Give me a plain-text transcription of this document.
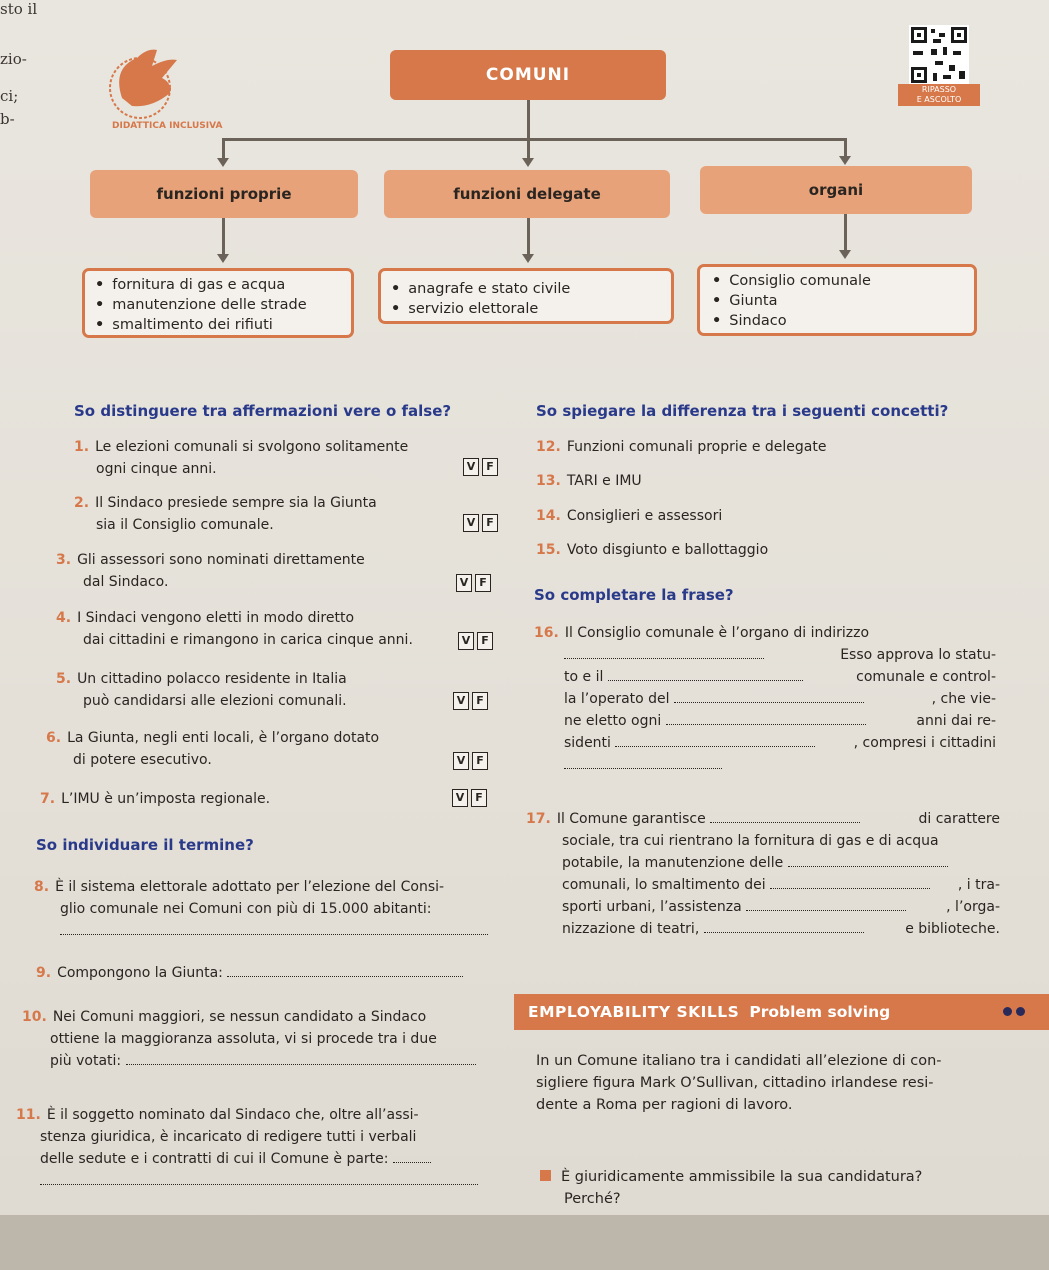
sto il
zio-
ci;
b-	DIDATTICA INCLUSIVA
RIPASSO
E ASCOLTO
COMUNI
funzioni proprie	funzioni delegate	organi
• fornitura di gas e acqua
• manutenzione delle strade
• smaltimento dei rifiuti
• anagrafe e stato civile
• servizio elettorale
• Consiglio comunale
• Giunta
• Sindaco
So distinguere tra affermazioni vere o false?
1. Le elezioni comunali si svolgono solitamente
ogni cinque anni.	V F
2. Il Sindaco presiede sempre sia la Giunta
sia il Consiglio comunale.	V F
3. Gli assessori sono nominati direttamente
dal Sindaco.	V F
4. I Sindaci vengono eletti in modo diretto
dai cittadini e rimangono in carica cinque anni.	V F
5. Un cittadino polacco residente in Italia
può candidarsi alle elezioni comunali.	V F
6. La Giunta, negli enti locali, è l’organo dotato
di potere esecutivo.	V F
7. L’IMU è un’imposta regionale.	V F
So individuare il termine?
8. È il sistema elettorale adottato per l’elezione del Consi-
glio comunale nei Comuni con più di 15.000 abitanti:

9. Compongono la Giunta:
10. Nei Comuni maggiori, se nessun candidato a Sindaco
ottiene la maggioranza assoluta, vi si procede tra i due
più votati:
11. È il soggetto nominato dal Sindaco che, oltre all’assi-
stenza giuridica, è incaricato di redigere tutti i verbali
delle sedute e i contratti di cui il Comune è parte:

So spiegare la differenza tra i seguenti concetti?
12. Funzioni comunali proprie e delegate
13. TARI e IMU
14. Consiglieri e assessori
15. Voto disgiunto e ballottaggio
So completare la frase?
16. Il Consiglio comunale è l’organo di indirizzo
Esso approva lo statu-
to e il	comunale e control-
la l’operato del	, che vie-
ne eletto ogni	anni dai re-
sidenti	, compresi i cittadini
17. Il Comune garantisce	di carattere
sociale, tra cui rientrano la fornitura di gas e di acqua
potabile, la manutenzione delle
comunali, lo smaltimento dei	, i tra-
sporti urbani, l’assistenza	, l’orga-
nizzazione di teatri,	e biblioteche.
EMPLOYABILITY SKILLS Problem solving
In un Comune italiano tra i candidati all’elezione di con-
sigliere figura Mark O’Sullivan, cittadino irlandese resi-
dente a Roma per ragioni di lavoro.
È giuridicamente ammissibile la sua candidatura?
Perché?
